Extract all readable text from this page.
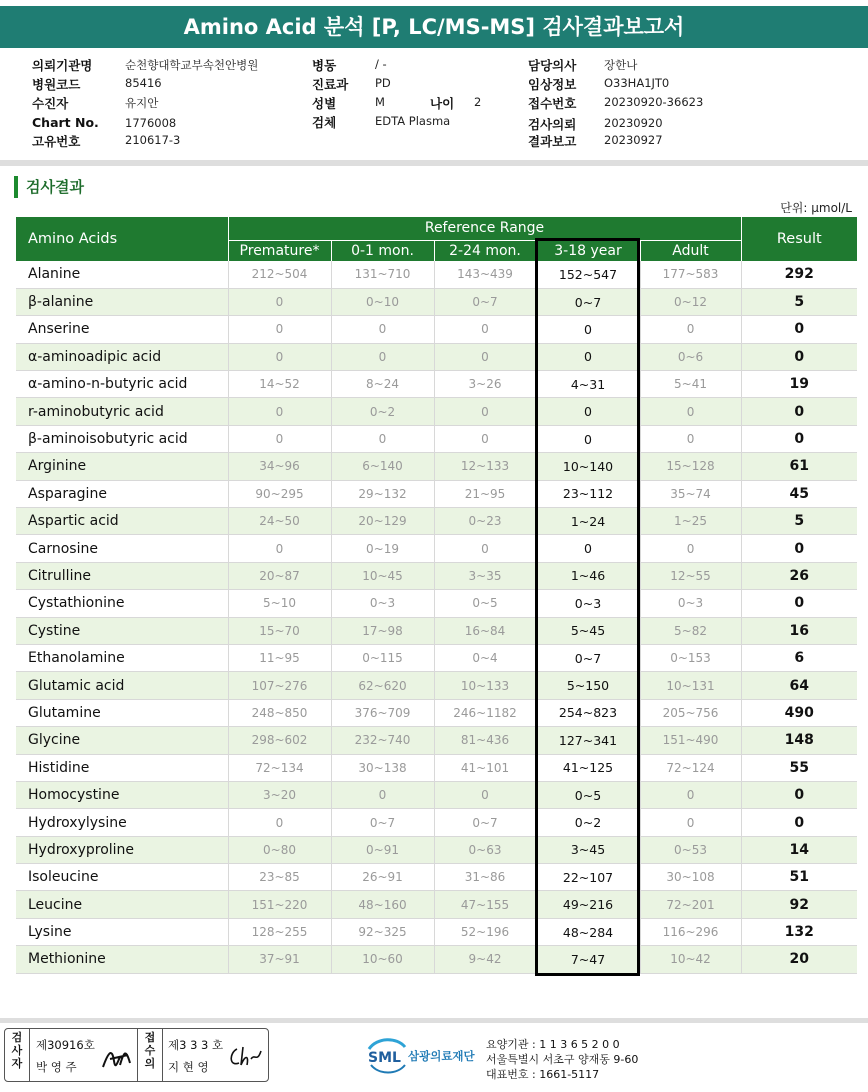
Amino Acid 분석 [P, LC/MS-MS] 검사결과보고서
의뢰기관명	순천향대학교부속천안병원
병원코드	85416
수진자	유지안
Chart No. 1776008
고유번호	210617-3
병동	/ -
진료과 PD
성별	M	나이 2
검체	EDTA Plasma
담당의사 장한나
임상정보 O33HA1JT0
접수번호 20230920-36623
검사의뢰 20230920
결과보고 20230927
검사결과
단위: µmol/L
Amino Acids	Reference Range					Result
	Premature*	0-1 mon.	2-24 mon.	3-18 year	Adult	
Alanine	212~504	131~710	143~439	152~547	177~583	292
β-alanine	0	0~10	0~7	0~7	0~12	5
Anserine	0	0	0	0	0	0
α-aminoadipic acid	0	0	0	0	0~6	0
α-amino-n-butyric acid	14~52	8~24	3~26	4~31	5~41	19
r-aminobutyric acid	0	0~2	0	0	0	0
β-aminoisobutyric acid	0	0	0	0	0	0
Arginine	34~96	6~140	12~133	10~140	15~128	61
Asparagine	90~295	29~132	21~95	23~112	35~74	45
Aspartic acid	24~50	20~129	0~23	1~24	1~25	5
Carnosine	0	0~19	0	0	0	0
Citrulline	20~87	10~45	3~35	1~46	12~55	26
Cystathionine	5~10	0~3	0~5	0~3	0~3	0
Cystine	15~70	17~98	16~84	5~45	5~82	16
Ethanolamine	11~95	0~115	0~4	0~7	0~153	6
Glutamic acid	107~276	62~620	10~133	5~150	10~131	64
Glutamine	248~850	376~709	246~1182	254~823	205~756	490
Glycine	298~602	232~740	81~436	127~341	151~490	148
Histidine	72~134	30~138	41~101	41~125	72~124	55
Homocystine	3~20	0	0	0~5	0	0
Hydroxylysine	0	0~7	0~7	0~2	0	0
Hydroxyproline	0~80	0~91	0~63	3~45	0~53	14
Isoleucine	23~85	26~91	31~86	22~107	30~108	51
Leucine	151~220	48~160	47~155	49~216	72~201	92
Lysine	128~255	92~325	52~196	48~284	116~296	132
Methionine	37~91	10~60	9~42	7~47	10~42	20
검사자
제30916호
박 영 주
접수의
제3 3 3 호
지 현 영
SML 삼광의료재단
요양기관 : 1 1 3 6 5 2 0 0
서울특별시 서초구 양재동 9-60
대표번호 : 1661-5117
